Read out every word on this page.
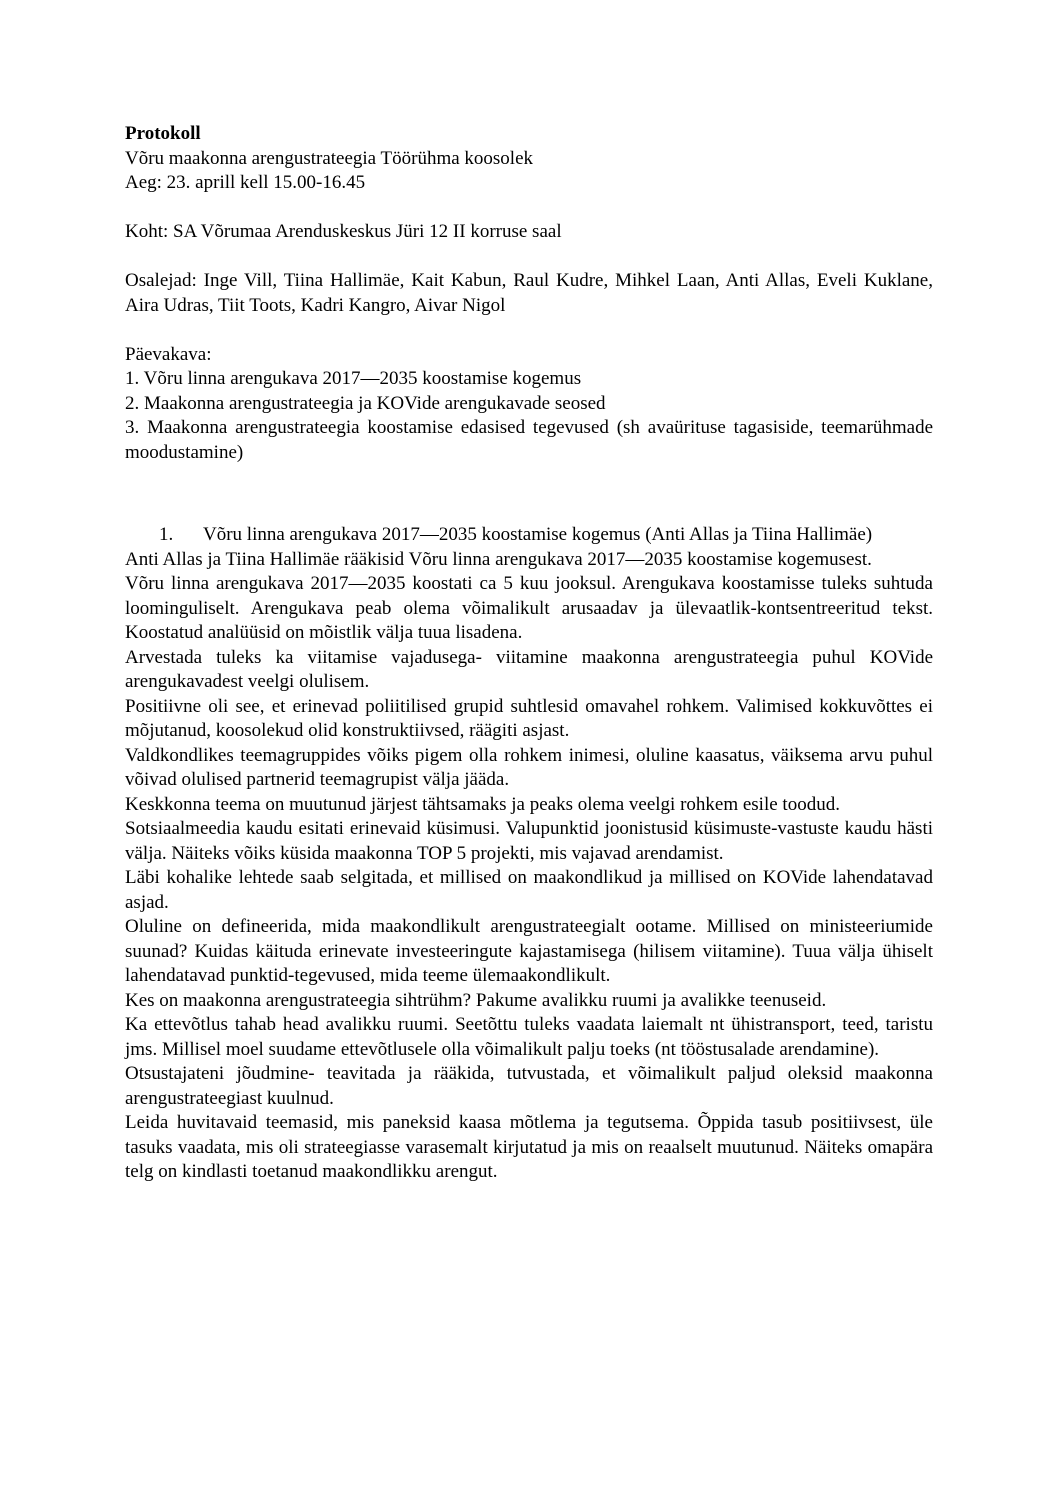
Protokoll

Võru maakonna arengustrateegia Töörühma koosolek

Aeg: 23. aprill kell 15.00-16.45

Koht: SA Võrumaa Arenduskeskus Jüri 12 II korruse saal

Osalejad: Inge Vill, Tiina Hallimäe, Kait Kabun, Raul Kudre, Mihkel Laan, Anti Allas, Eveli Kuklane, Aira Udras, Tiit Toots, Kadri Kangro, Aivar Nigol

Päevakava:

1. Võru linna arengukava 2017—2035 koostamise kogemus
2. Maakonna arengustrateegia ja KOVide arengukavade seosed
3. Maakonna arengustrateegia koostamise edasised tegevused (sh avaürituse tagasiside, teemarühmade moodustamine)
1.	Võru linna arengukava 2017—2035 koostamise kogemus (Anti Allas ja Tiina Hallimäe)

Anti Allas ja Tiina Hallimäe rääkisid Võru linna arengukava 2017—2035 koostamise kogemusest.

Võru linna arengukava 2017—2035 koostati ca 5 kuu jooksul. Arengukava koostamisse tuleks suhtuda loominguliselt. Arengukava peab olema võimalikult arusaadav ja ülevaatlik-kontsentreeritud tekst. Koostatud analüüsid on mõistlik välja tuua lisadena.

Arvestada tuleks ka viitamise vajadusega- viitamine maakonna arengustrateegia puhul KOVide arengukavadest veelgi olulisem.

Positiivne oli see, et erinevad poliitilised grupid suhtlesid omavahel rohkem. Valimised kokkuvõttes ei mõjutanud, koosolekud olid konstruktiivsed, räägiti asjast.

Valdkondlikes teemagruppides võiks pigem olla rohkem inimesi, oluline kaasatus, väiksema arvu puhul võivad olulised partnerid teemagrupist välja jääda.

Keskkonna teema on muutunud järjest tähtsamaks ja peaks olema veelgi rohkem esile toodud.

Sotsiaalmeedia kaudu esitati erinevaid küsimusi. Valupunktid joonistusid küsimuste-vastuste kaudu hästi välja. Näiteks võiks küsida maakonna TOP 5 projekti, mis vajavad arendamist.

Läbi kohalike lehtede saab selgitada, et millised on maakondlikud ja millised on KOVide lahendatavad asjad.

Oluline on defineerida, mida maakondlikult arengustrateegialt ootame. Millised on ministeeriumide suunad? Kuidas käituda erinevate investeeringute kajastamisega (hilisem viitamine). Tuua välja ühiselt lahendatavad punktid-tegevused, mida teeme ülemaakondlikult.

Kes on maakonna arengustrateegia sihtrühm? Pakume avalikku ruumi ja avalikke teenuseid.

Ka ettevõtlus tahab head avalikku ruumi. Seetõttu tuleks vaadata laiemalt nt ühistransport, teed, taristu jms. Millisel moel suudame ettevõtlusele olla võimalikult palju toeks (nt tööstusalade arendamine).

Otsustajateni jõudmine- teavitada ja rääkida, tutvustada, et võimalikult paljud oleksid maakonna arengustrateegiast kuulnud.

Leida huvitavaid teemasid, mis paneksid kaasa mõtlema ja tegutsema. Õppida tasub positiivsest, üle tasuks vaadata, mis oli strateegiasse varasemalt kirjutatud ja mis on reaalselt muutunud. Näiteks omapära telg on kindlasti toetanud maakondlikku arengut.
